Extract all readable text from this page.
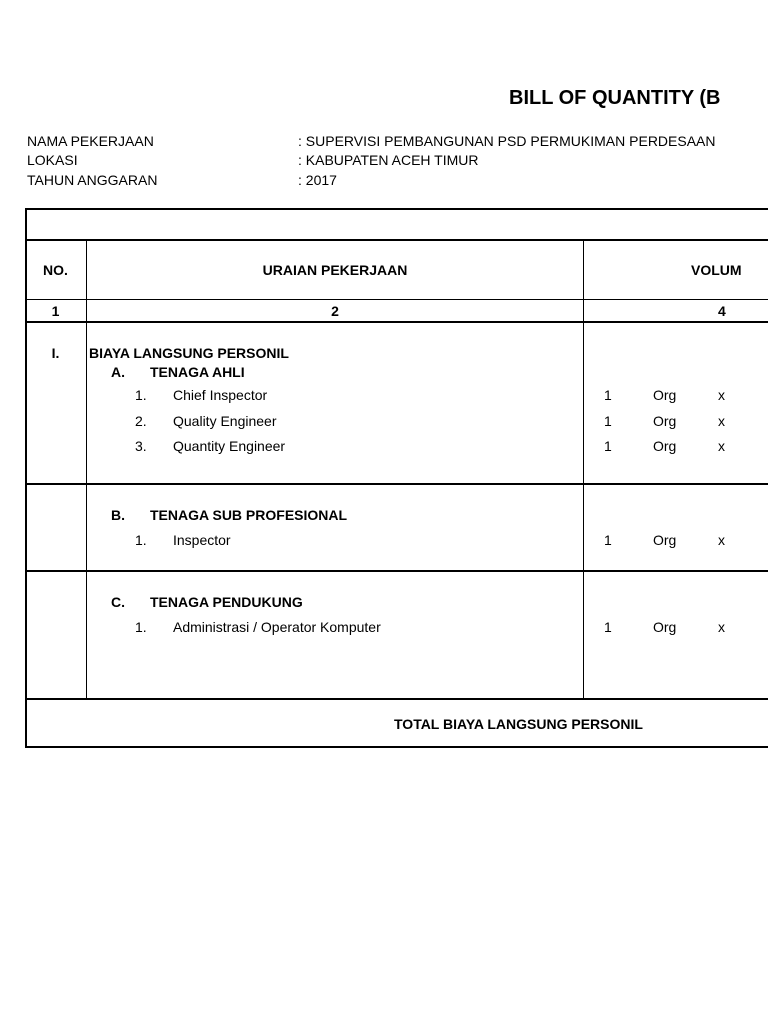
BILL OF QUANTITY (B
NAMA PEKERJAAN	: SUPERVISI PEMBANGUNAN PSD PERMUKIMAN PERDESAAN
LOKASI	: KABUPATEN ACEH TIMUR
TAHUN ANGGARAN	: 2017
NO.	URAIAN PEKERJAAN	VOLUM
1	2	4
I.	BIAYA LANGSUNG PERSONIL
A. TENAGA AHLI
1. Chief Inspector	1	Org	x
2. Quality Engineer	1	Org	x
3. Quantity Engineer	1	Org	x
B. TENAGA SUB PROFESIONAL
1. Inspector	1	Org	x
C. TENAGA PENDUKUNG
1. Administrasi / Operator Komputer	1	Org	x
TOTAL BIAYA LANGSUNG PERSONIL
